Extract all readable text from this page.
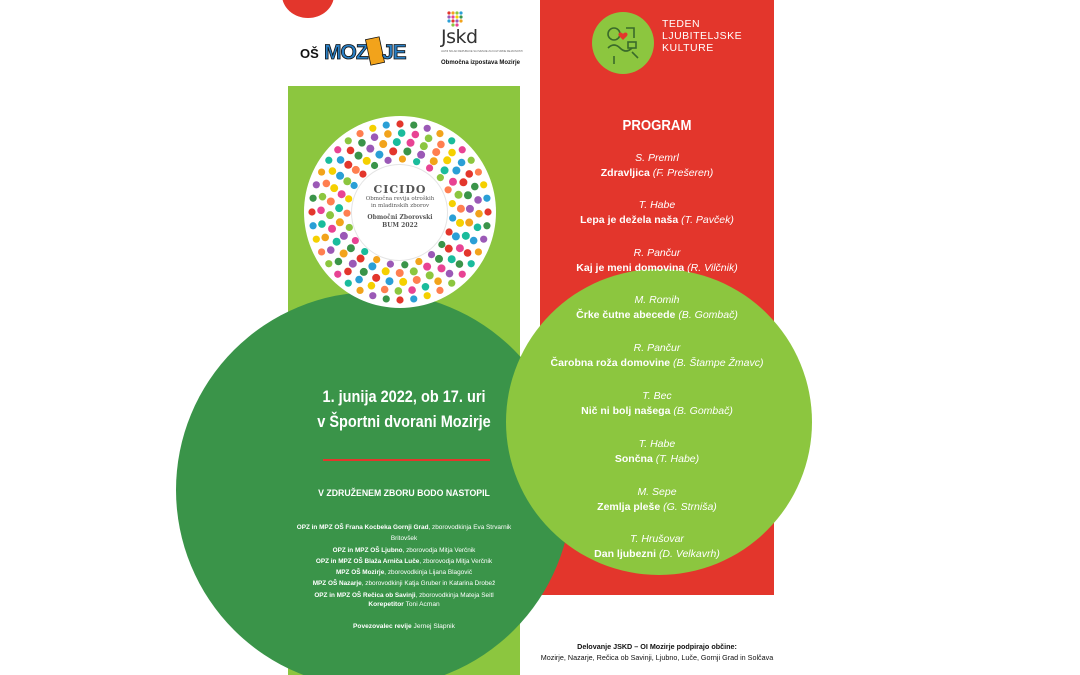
OŠ MOZ JE
Jskd
JAVNI SKLAD REPUBLIKE SLOVENIJE ZA KULTURNE DEJAVNOSTI
Območna izpostava Mozirje
TEDEN
LJUBITELJSKE
KULTURE
CICIDO
Območna revija otroških
in mladinskih zborov
Območni Zborovski
BUM 2022
1. junija 2022, ob 17. uri
v Športni dvorani Mozirje
V ZDRUŽENEM ZBORU BODO NASTOPIL
OPZ in MPZ OŠ Frana Kocbeka Gornji Grad, zborovodkinja Eva Strvarnik Britovšek
OPZ in MPZ OŠ Ljubno, zborovodja Mitja Verčnik
OPZ in MPZ OŠ Blaža Arniča Luče, zborovodja Mitja Verčnik
MPZ OŠ Mozirje, zborovodkinja Lijana Blagovič
MPZ OŠ Nazarje, zborovodkinji Katja Gruber in Katarina Drobež
OPZ in MPZ OŠ Rečica ob Savinji, zborovodkinja Mateja Seitl
Korepetitor Toni Acman
Povezovalec revije Jernej Slapnik
PROGRAM
S. Premrl
Zdravljica (F. Prešeren)
T. Habe
Lepa je dežela naša (T. Pavček)
R. Pančur
Kaj je meni domovina (R. Vilčnik)
M. Romih
Črke čutne abecede (B. Gombač)
R. Pančur
Čarobna roža domovine (B. Štampe Žmavc)
T. Bec
Nič ni bolj našega (B. Gombač)
T. Habe
Sončna (T. Habe)
M. Sepe
Zemlja pleše (G. Strniša)
T. Hrušovar
Dan ljubezni (D. Velkavrh)
Delovanje JSKD – OI Mozirje podpirajo občine:
Mozirje, Nazarje, Rečica ob Savinji, Ljubno, Luče, Gornji Grad in Solčava
